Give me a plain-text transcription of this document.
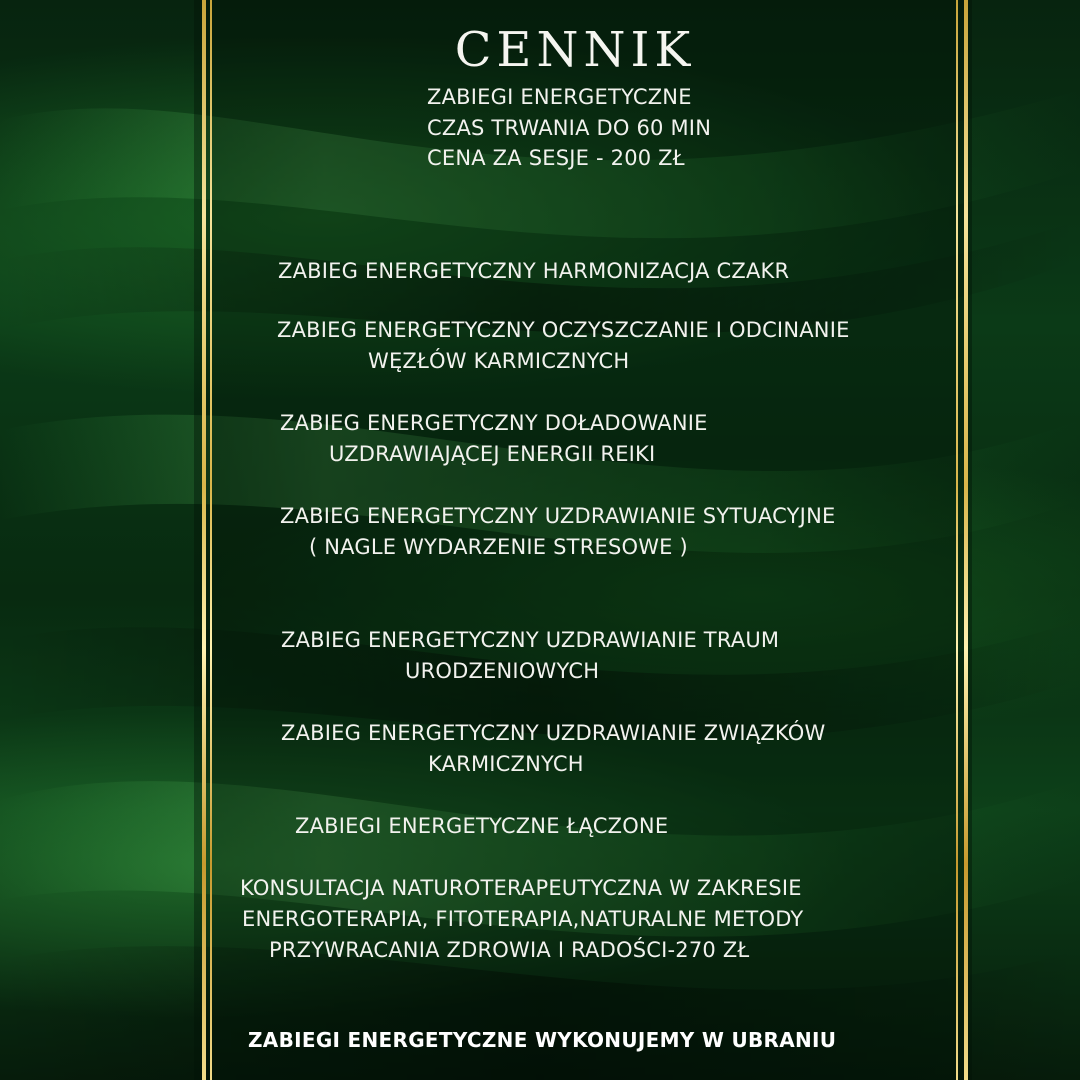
CENNIK
ZABIEGI ENERGETYCZNE
CZAS TRWANIA DO 60 MIN
CENA ZA SESJE - 200 ZŁ
ZABIEG ENERGETYCZNY HARMONIZACJA CZAKR
ZABIEG ENERGETYCZNY OCZYSZCZANIE I ODCINANIE
WĘZŁÓW KARMICZNYCH
ZABIEG ENERGETYCZNY DOŁADOWANIE
UZDRAWIAJĄCEJ ENERGII REIKI
ZABIEG ENERGETYCZNY UZDRAWIANIE SYTUACYJNE
( NAGLE WYDARZENIE STRESOWE )
ZABIEG ENERGETYCZNY UZDRAWIANIE TRAUM
URODZENIOWYCH
ZABIEG ENERGETYCZNY UZDRAWIANIE ZWIĄZKÓW
KARMICZNYCH
ZABIEGI ENERGETYCZNE ŁĄCZONE
KONSULTACJA NATUROTERAPEUTYCZNA W ZAKRESIE
ENERGOTERAPIA, FITOTERAPIA,NATURALNE METODY
PRZYWRACANIA ZDROWIA I RADOŚCI-270 ZŁ
ZABIEGI ENERGETYCZNE WYKONUJEMY W UBRANIU
